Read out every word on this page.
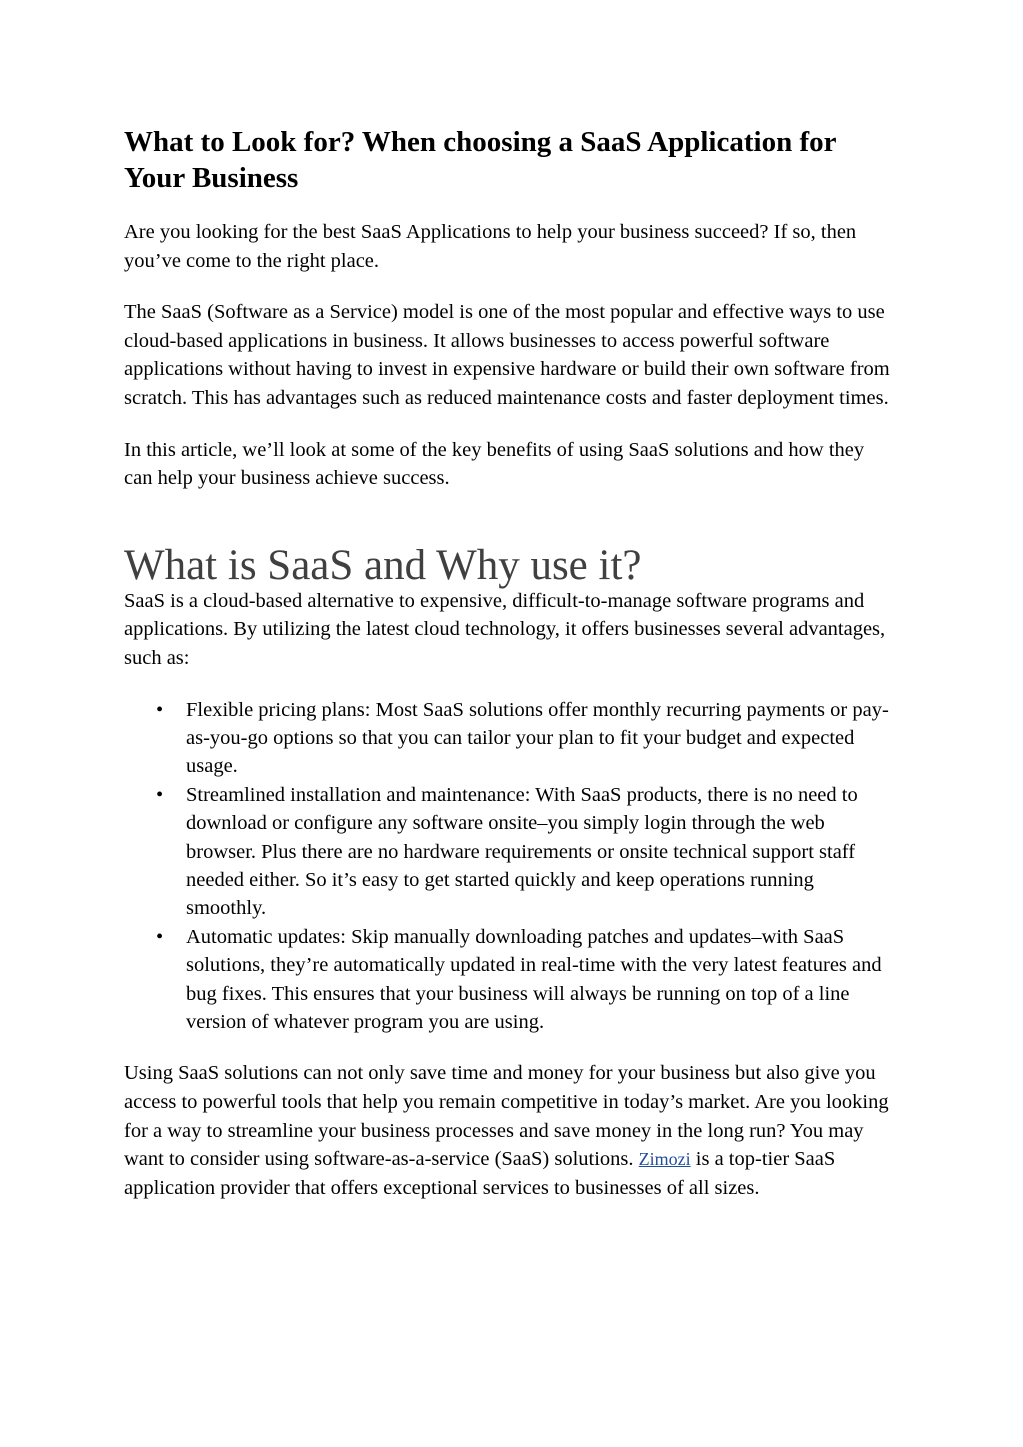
What to Look for? When choosing a SaaS Application for Your Business

Are you looking for the best SaaS Applications to help your business succeed? If so, then you’ve come to the right place.

The SaaS (Software as a Service) model is one of the most popular and effective ways to use cloud-based applications in business. It allows businesses to access powerful software applications without having to invest in expensive hardware or build their own software from scratch. This has advantages such as reduced maintenance costs and faster deployment times.

In this article, we’ll look at some of the key benefits of using SaaS solutions and how they can help your business achieve success.

What is SaaS and Why use it?

SaaS is a cloud-based alternative to expensive, difficult-to-manage software programs and applications. By utilizing the latest cloud technology, it offers businesses several advantages, such as:

• Flexible pricing plans: Most SaaS solutions offer monthly recurring payments or pay-as-you-go options so that you can tailor your plan to fit your budget and expected usage.
• Streamlined installation and maintenance: With SaaS products, there is no need to download or configure any software onsite–you simply login through the web browser. Plus there are no hardware requirements or onsite technical support staff needed either. So it’s easy to get started quickly and keep operations running smoothly.
• Automatic updates: Skip manually downloading patches and updates–with SaaS solutions, they’re automatically updated in real-time with the very latest features and bug fixes. This ensures that your business will always be running on top of a line version of whatever program you are using.

Using SaaS solutions can not only save time and money for your business but also give you access to powerful tools that help you remain competitive in today’s market. Are you looking for a way to streamline your business processes and save money in the long run? You may want to consider using software-as-a-service (SaaS) solutions. Zimozi is a top-tier SaaS application provider that offers exceptional services to businesses of all sizes.
